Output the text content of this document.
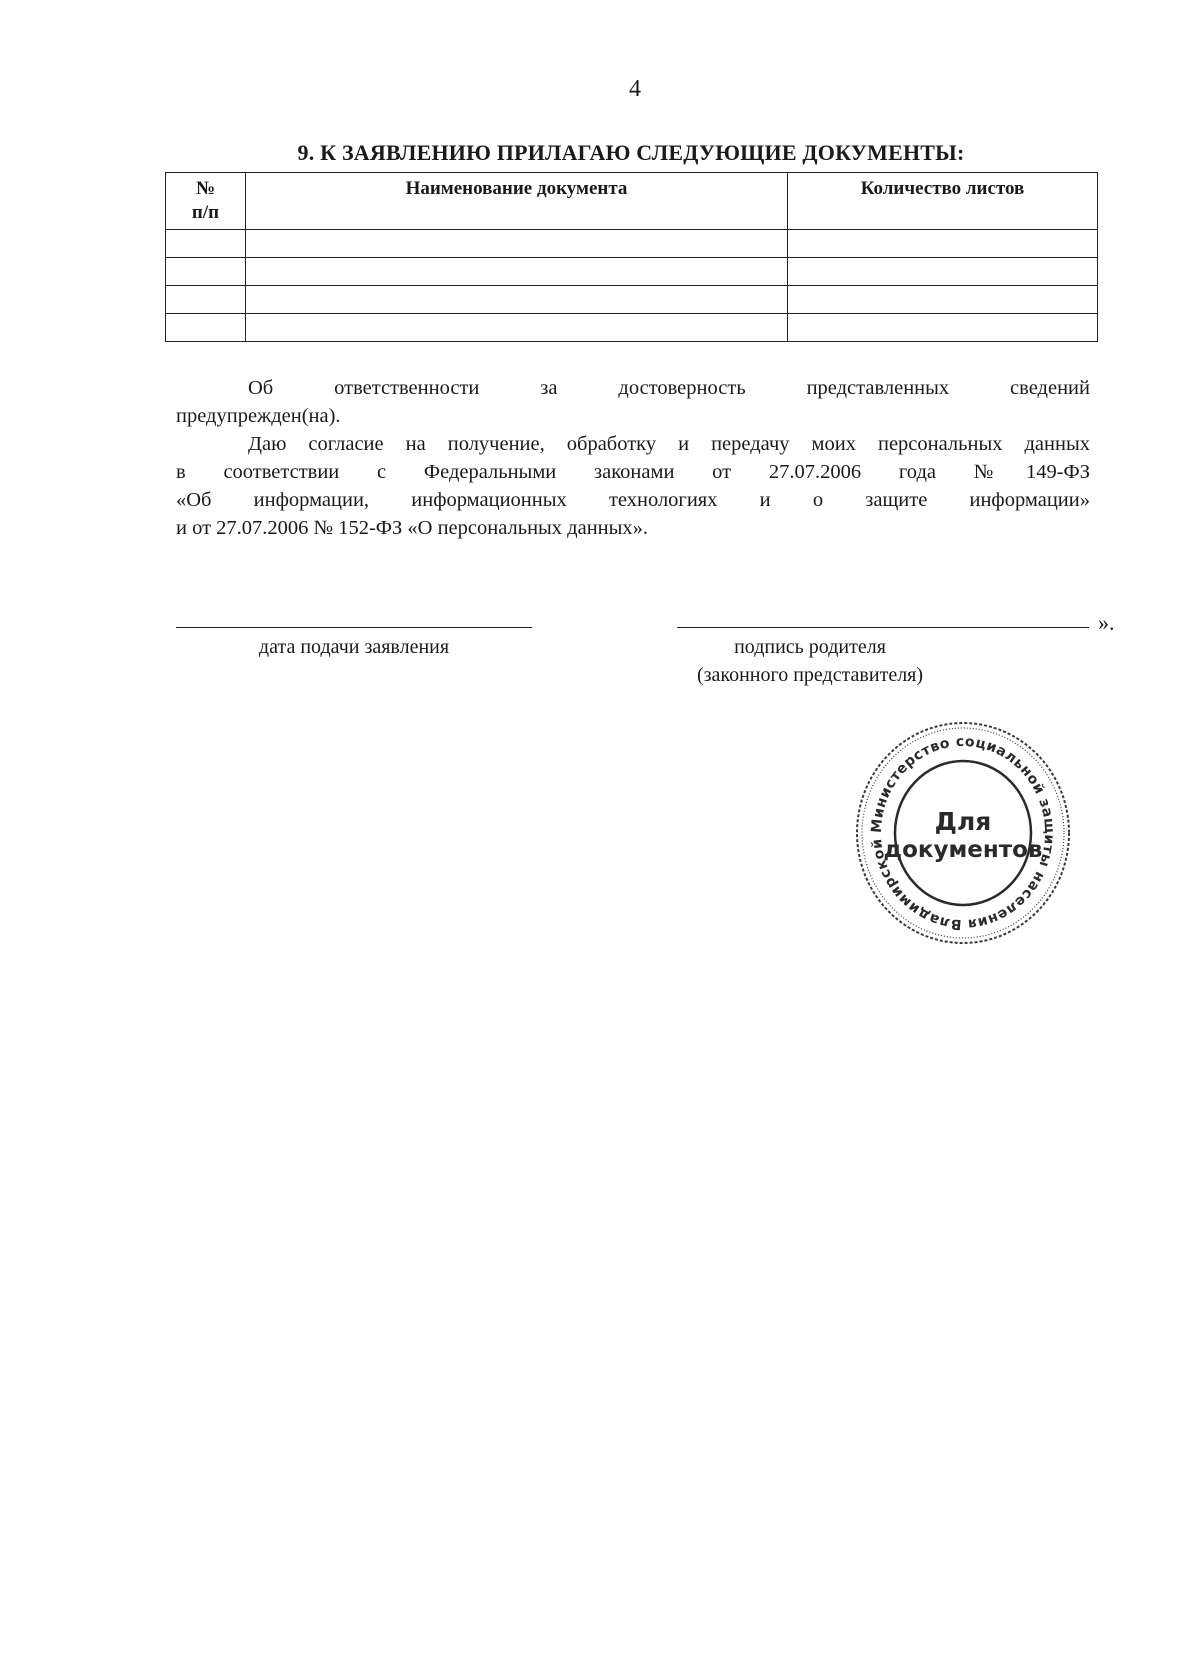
4
9. К ЗАЯВЛЕНИЮ ПРИЛАГАЮ СЛЕДУЮЩИЕ ДОКУМЕНТЫ:
№
п/п	Наименование документа	Количество листов

Об ответственности за достоверность представленных сведений
предупрежден(на).
Даю согласие на получение, обработку и передачу моих персональных данных
в соответствии с Федеральными законами от 27.07.2006 года №149-ФЗ
«Об информации, информационных технологиях и о защите информации»
и от 27.07.2006 № 152-ФЗ «О персональных данных».
».
дата подачи заявления	подпись родителя
(законного представителя)
Министерство социальной защиты населения Владимирской
Для
документов
